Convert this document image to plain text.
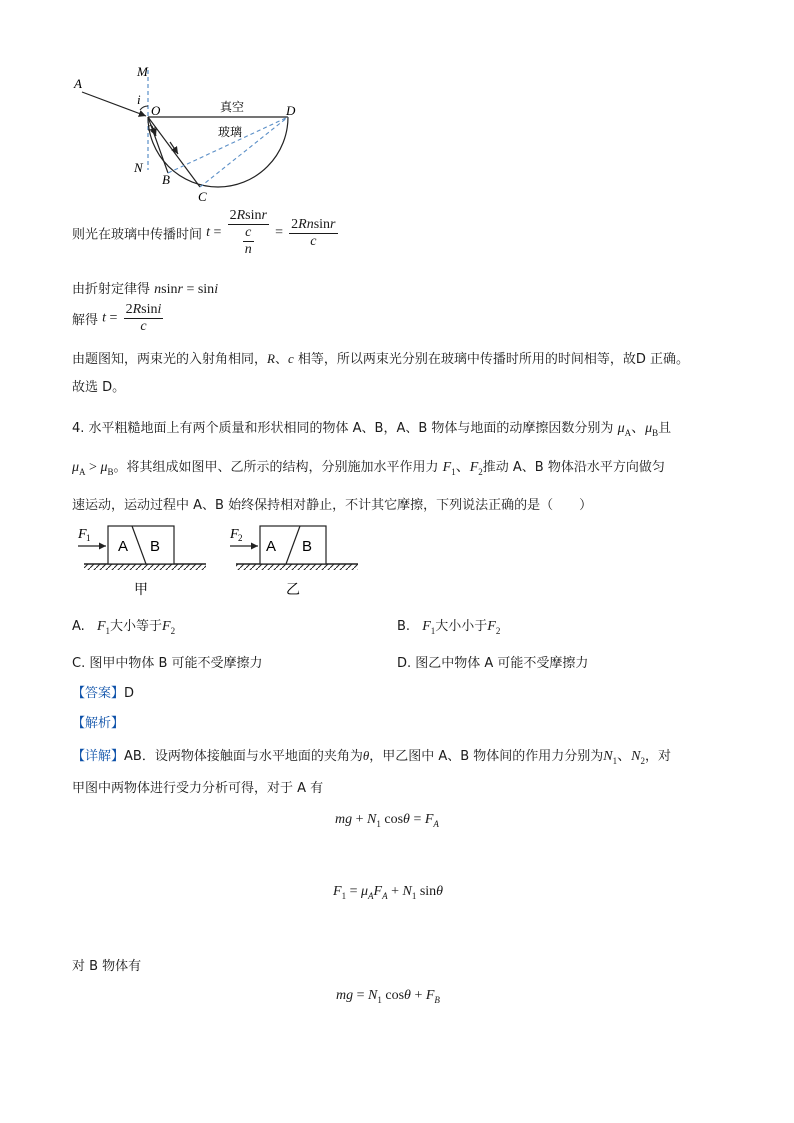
A
M
i
O	真空	D
玻璃
N
B
C
则光在玻璃中传播时间 $t = \frac{2Rsinr}{\frac{c}{n}} = \frac{2Rnsinr}{c}$
由折射定律得 nsinr = sini
解得 $t = \frac{2Rsini}{c}$
由题图知，两束光的入射角相同，R、c 相等，所以两束光分别在玻璃中传播时所用的时间相等，故D 正确。
故选 D。
4. 水平粗糙地面上有两个质量和形状相同的物体 A、B，A、B 物体与地面的动摩擦因数分别为 $\mu_A$、$\mu_B$且
$\mu_A > \mu_B$。将其组成如图甲、乙所示的结构，分别施加水平作用力 $F_1$、$F_2$推动 A、B 物体沿水平方向做匀
速运动，运动过程中 A、B 始终保持相对静止，不计其它摩擦，下列说法正确的是（　　）
F 1 A B
甲
F 2 A B
乙
A. $F_1$大小等于$F_2$	B. $F_1$大小小于$F_2$
C. 图甲中物体 B 可能不受摩擦力	D. 图乙中物体 A 可能不受摩擦力
【答案】D
【解析】
【详解】AB．设两物体接触面与水平地面的夹角为θ，甲乙图中 A、B 物体间的作用力分别为$N_1$、$N_2$，对
甲图中两物体进行受力分析可得，对于 A 有
mg + $N_1$ $\cos\theta = F_A$
$F_1 = \mu_AF_A + N_1$ sinθ
对 B 物体有
mg = $N_1$ $\cos\theta + F_B$
